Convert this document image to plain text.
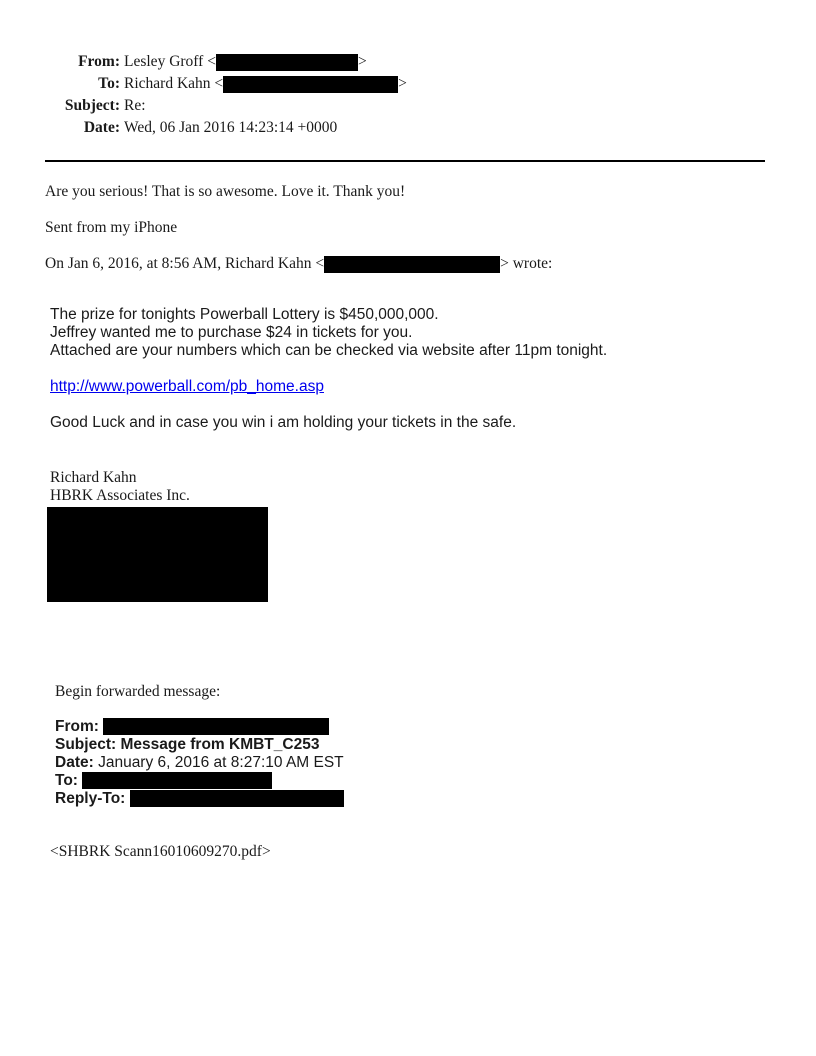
From: Lesley Groff <	>
To: Richard Kahn <	>
Subject: Re:
Date: Wed, 06 Jan 2016 14:23:14 +0000
Are you serious! That is so awesome. Love it. Thank you!
Sent from my iPhone
On Jan 6, 2016, at 8:56 AM, Richard Kahn <	> wrote:
The prize for tonights Powerball Lottery is $450,000,000.
Jeffrey wanted me to purchase $24 in tickets for you.
Attached are your numbers which can be checked via website after 11pm tonight.
http://www.powerball.com/pb_home.asp
Good Luck and in case you win i am holding your tickets in the safe.
Richard Kahn
HBRK Associates Inc.
Begin forwarded message:
From:
Subject: Message from KMBT_C253
Date: January 6, 2016 at 8:27:10 AM EST
To:
Reply-To:
<SHBRK Scann16010609270.pdf>
